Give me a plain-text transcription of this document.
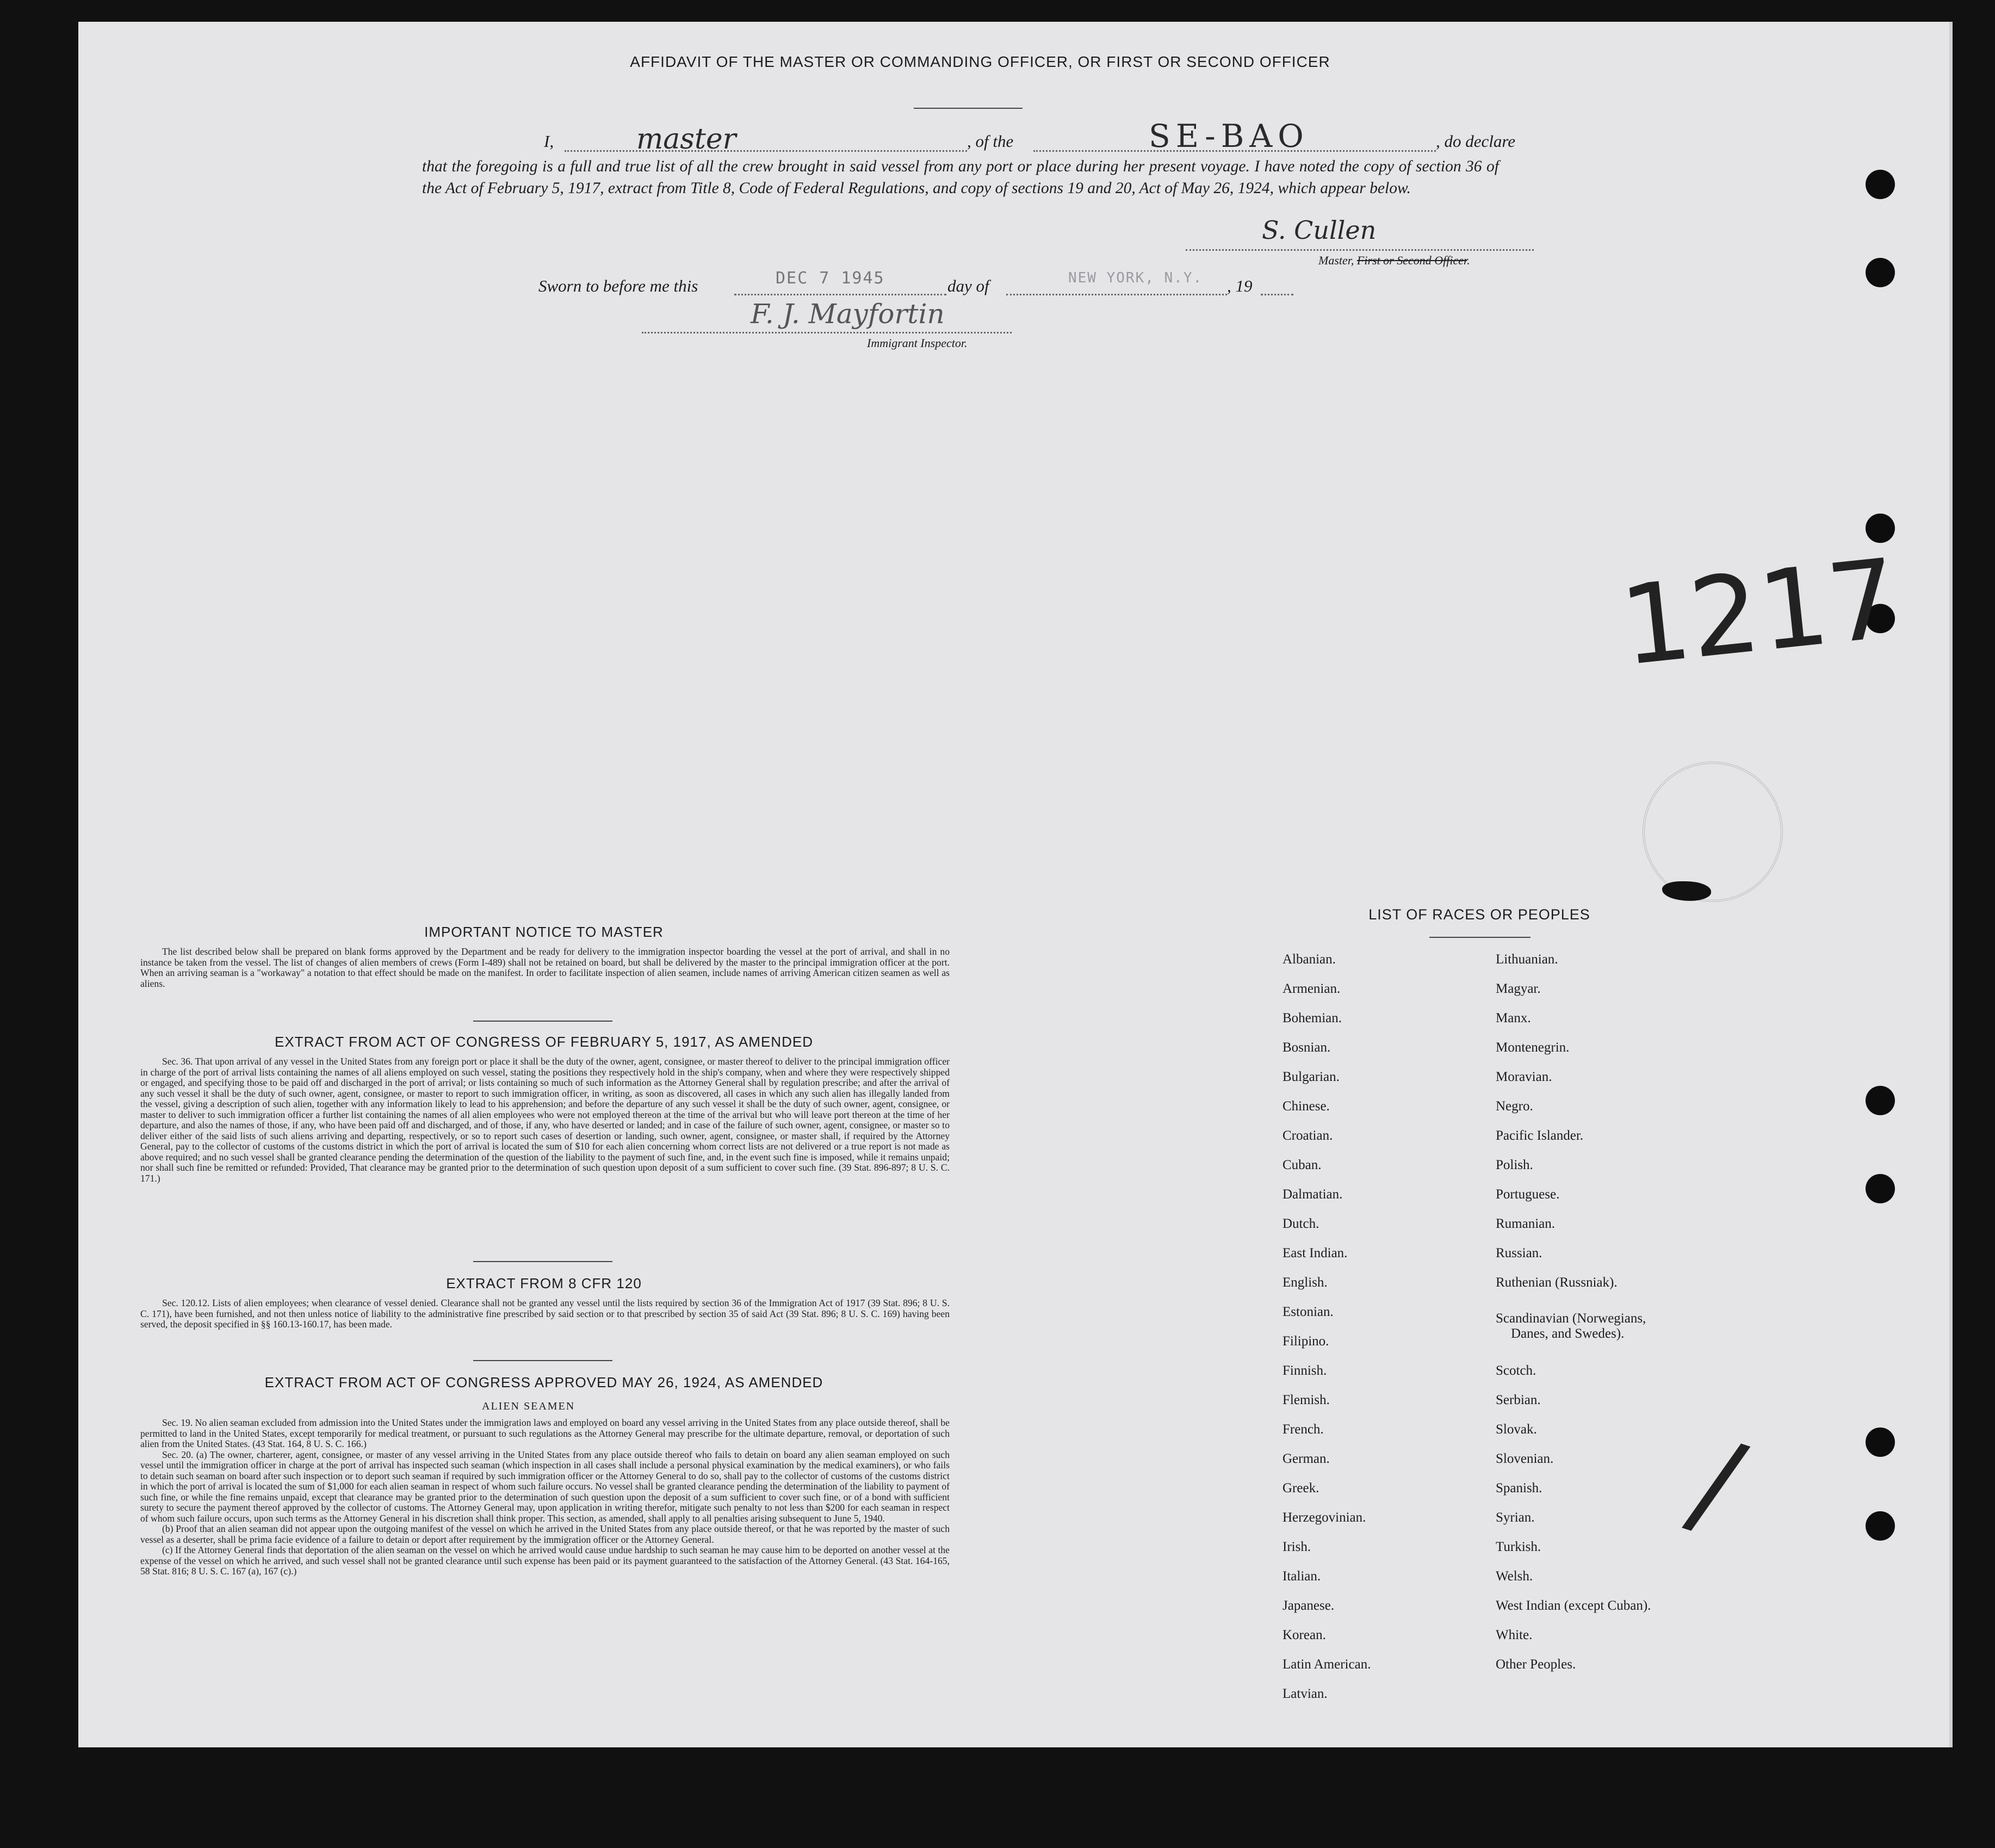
AFFIDAVIT OF THE MASTER OR COMMANDING OFFICER, OR FIRST OR SECOND OFFICER
I,	master	, of the	SE-BAO	, do declare
that the foregoing is a full and true list of all the crew brought in said vessel from any port or place during her present voyage. I have noted the copy of section 36 of the Act of February 5, 1917, extract from Title 8, Code of Federal Regulations, and copy of sections 19 and 20, Act of May 26, 1924, which appear below.
S. Cullen
Master, First or Second Officer.
Sworn to before me this	DEC 7 1945	day of	NEW YORK, N.Y. , 19
F. J. Mayfortin
Immigrant Inspector.
1217
/
IMPORTANT NOTICE TO MASTER
The list described below shall be prepared on blank forms approved by the Department and be ready for delivery to the immigration inspector boarding the vessel at the port of arrival, and shall in no instance be taken from the vessel. The list of changes of alien members of crews (Form I-489) shall not be retained on board, but shall be delivered by the master to the principal immigration officer at the port. When an arriving seaman is a "workaway" a notation to that effect should be made on the manifest. In order to facilitate inspection of alien seamen, include names of arriving American citizen seamen as well as aliens.
EXTRACT FROM ACT OF CONGRESS OF FEBRUARY 5, 1917, AS AMENDED
Sec. 36. That upon arrival of any vessel in the United States from any foreign port or place it shall be the duty of the owner, agent, consignee, or master thereof to deliver to the principal immigration officer in charge of the port of arrival lists containing the names of all aliens employed on such vessel, stating the positions they respectively hold in the ship's company, when and where they were respectively shipped or engaged, and specifying those to be paid off and discharged in the port of arrival; or lists containing so much of such information as the Attorney General shall by regulation prescribe; and after the arrival of any such vessel it shall be the duty of such owner, agent, consignee, or master to report to such immigration officer, in writing, as soon as discovered, all cases in which any such alien has illegally landed from the vessel, giving a description of such alien, together with any information likely to lead to his apprehension; and before the departure of any such vessel it shall be the duty of such owner, agent, consignee, or master to deliver to such immigration officer a further list containing the names of all alien employees who were not employed thereon at the time of the arrival but who will leave port thereon at the time of her departure, and also the names of those, if any, who have been paid off and discharged, and of those, if any, who have deserted or landed; and in case of the failure of such owner, agent, consignee, or master so to deliver either of the said lists of such aliens arriving and departing, respectively, or so to report such cases of desertion or landing, such owner, agent, consignee, or master shall, if required by the Attorney General, pay to the collector of customs of the customs district in which the port of arrival is located the sum of $10 for each alien concerning whom correct lists are not delivered or a true report is not made as above required; and no such vessel shall be granted clearance pending the determination of the question of the liability to the payment of such fine, and, in the event such fine is imposed, while it remains unpaid; nor shall such fine be remitted or refunded: Provided, That clearance may be granted prior to the determination of such question upon deposit of a sum sufficient to cover such fine. (39 Stat. 896-897; 8 U. S. C. 171.)
EXTRACT FROM 8 CFR 120
Sec. 120.12. Lists of alien employees; when clearance of vessel denied. Clearance shall not be granted any vessel until the lists required by section 36 of the Immigration Act of 1917 (39 Stat. 896; 8 U. S. C. 171), have been furnished, and not then unless notice of liability to the administrative fine prescribed by said section or to that prescribed by section 35 of said Act (39 Stat. 896; 8 U. S. C. 169) having been served, the deposit specified in §§ 160.13-160.17, has been made.
EXTRACT FROM ACT OF CONGRESS APPROVED MAY 26, 1924, AS AMENDED
ALIEN SEAMEN

Sec. 19. No alien seaman excluded from admission into the United States under the immigration laws and employed on board any vessel arriving in the United States from any place outside thereof, shall be permitted to land in the United States, except temporarily for medical treatment, or pursuant to such regulations as the Attorney General may prescribe for the ultimate departure, removal, or deportation of such alien from the United States. (43 Stat. 164, 8 U. S. C. 166.)

Sec. 20. (a) The owner, charterer, agent, consignee, or master of any vessel arriving in the United States from any place outside thereof who fails to detain on board any alien seaman employed on such vessel until the immigration officer in charge at the port of arrival has inspected such seaman (which inspection in all cases shall include a personal physical examination by the medical examiners), or who fails to detain such seaman on board after such inspection or to deport such seaman if required by such immigration officer or the Attorney General to do so, shall pay to the collector of customs of the customs district in which the port of arrival is located the sum of $1,000 for each alien seaman in respect of whom such failure occurs. No vessel shall be granted clearance pending the determination of the liability to payment of such fine, or while the fine remains unpaid, except that clearance may be granted prior to the determination of such question upon the deposit of a sum sufficient to cover such fine, or of a bond with sufficient surety to secure the payment thereof approved by the collector of customs. The Attorney General may, upon application in writing therefor, mitigate such penalty to not less than $200 for each seaman in respect of whom such failure occurs, upon such terms as the Attorney General in his discretion shall think proper. This section, as amended, shall apply to all penalties arising subsequent to June 5, 1940.

(b) Proof that an alien seaman did not appear upon the outgoing manifest of the vessel on which he arrived in the United States from any place outside thereof, or that he was reported by the master of such vessel as a deserter, shall be prima facie evidence of a failure to detain or deport after requirement by the immigration officer or the Attorney General.

(c) If the Attorney General finds that deportation of the alien seaman on the vessel on which he arrived would cause undue hardship to such seaman he may cause him to be deported on another vessel at the expense of the vessel on which he arrived, and such vessel shall not be granted clearance until such expense has been paid or its payment guaranteed to the satisfaction of the Attorney General. (43 Stat. 164-165, 58 Stat. 816; 8 U. S. C. 167 (a), 167 (c).)

LIST OF RACES OR PEOPLES
Albanian.
Armenian.
Bohemian.
Bosnian.
Bulgarian.
Chinese.
Croatian.
Cuban.
Dalmatian.
Dutch.
East Indian.
English.
Estonian.
Filipino.
Finnish.
Flemish.
French.
German.
Greek.
Herzegovinian.
Irish.
Italian.
Japanese.
Korean.
Latin American.
Latvian.
Lithuanian.
Magyar.
Manx.
Montenegrin.
Moravian.
Negro.
Pacific Islander.
Polish.
Portuguese.
Rumanian.
Russian.
Ruthenian (Russniak).
Scandinavian (Norwegians,
Danes, and Swedes).
Scotch.
Serbian.
Slovak.
Slovenian.
Spanish.
Syrian.
Turkish.
Welsh.
West Indian (except Cuban).
White.
Other Peoples.
